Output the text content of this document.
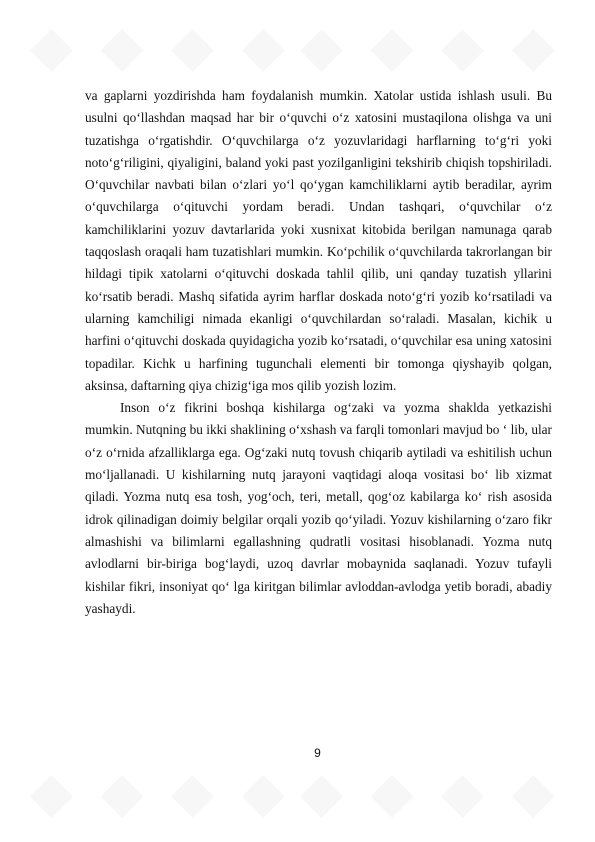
◆ ◆ ◆ ◆ ◆ ◆ ◆ ◆
◆ ◆ ◆ ◆ ◆ ◆ ◆ ◆

va gaplarni yozdirishda ham foydalanish mumkin. Xatolar ustida ishlash usuli. Bu usulni qo‘llashdan maqsad har bir o‘quvchi o‘z xatosini mustaqilona olishga va uni tuzatishga o‘rgatishdir. O‘quvchilarga o‘z yozuvlaridagi harflarning to‘g‘ri yoki noto‘g‘riligini, qiyaligini, baland yoki past yozilganligini tekshirib chiqish topshiriladi. O‘quvchilar navbati bilan o‘zlari yo‘l qo‘ygan kamchiliklarni aytib beradilar, ayrim o‘quvchilarga o‘qituvchi yordam beradi. Undan tashqari, o‘quvchilar o‘z kamchiliklarini yozuv davtarlarida yoki xusnixat kitobida berilgan namunaga qarab taqqoslash oraqali ham tuzatishlari mumkin. Ko‘pchilik o‘quvchilarda takrorlangan bir hildagi tipik xatolarni o‘qituvchi doskada tahlil qilib, uni qanday tuzatish yllarini ko‘rsatib beradi. Mashq sifatida ayrim harflar doskada noto‘g‘ri yozib ko‘rsatiladi va ularning kamchiligi nimada ekanligi o‘quvchilardan so‘raladi. Masalan, kichik u harfini o‘qituvchi doskada quyidagicha yozib ko‘rsatadi, o‘quvchilar esa uning xatosini topadilar. Kichk u harfining tugunchali elementi bir tomonga qiyshayib qolgan, aksinsa, daftarning qiya chizig‘iga mos qilib yozish lozim.

Inson o‘z fikrini boshqa kishilarga og‘zaki va yozma shaklda yetkazishi mumkin. Nutqning bu ikki shaklining o‘xshash va farqli tomonlari mavjud bo ‘ lib, ular o‘z o‘rnida afzalliklarga ega. Og‘zaki nutq tovush chiqarib aytiladi va eshitilish uchun mo‘ljallanadi. U kishilarning nutq jarayoni vaqtidagi aloqa vositasi bo‘ lib xizmat qiladi. Yozma nutq esa tosh, yog‘och, teri, metall, qog‘oz kabilarga ko‘ rish asosida idrok qilinadigan doimiy belgilar orqali yozib qo‘yiladi. Yozuv kishilarning o‘zaro fikr almashishi va bilimlarni egallashning qudratli vositasi hisoblanadi. Yozma nutq avlodlarni bir-biriga bog‘laydi, uzoq davrlar mobaynida saqlanadi. Yozuv tufayli kishilar fikri, insoniyat qo‘ lga kiritgan bilimlar avloddan-avlodga yetib boradi, abadiy yashaydi.

9
